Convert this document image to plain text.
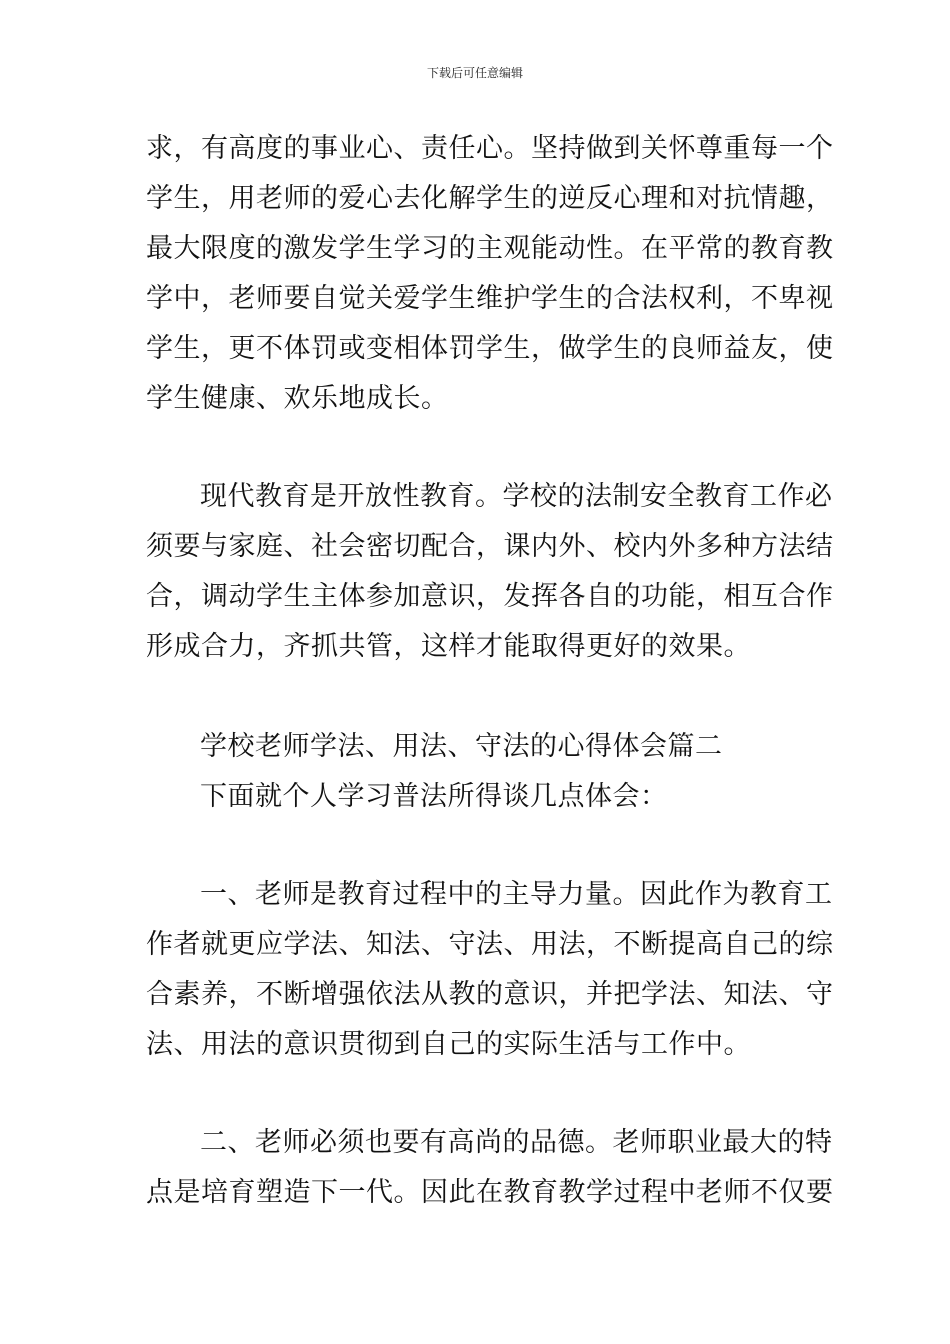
下载后可任意编辑
求，有高度的事业心、责任心。坚持做到关怀尊重每一个
学生，用老师的爱心去化解学生的逆反心理和对抗情趣，
最大限度的激发学生学习的主观能动性。在平常的教育教
学中，老师要自觉关爱学生维护学生的合法权利，不卑视
学生，更不体罚或变相体罚学生，做学生的良师益友，使
学生健康、欢乐地成长。
现代教育是开放性教育。学校的法制安全教育工作必
须要与家庭、社会密切配合，课内外、校内外多种方法结
合，调动学生主体参加意识，发挥各自的功能，相互合作
形成合力，齐抓共管，这样才能取得更好的效果。
学校老师学法、用法、守法的心得体会篇二
下面就个人学习普法所得谈几点体会：
一、老师是教育过程中的主导力量。因此作为教育工
作者就更应学法、知法、守法、用法，不断提高自己的综
合素养，不断增强依法从教的意识，并把学法、知法、守
法、用法的意识贯彻到自己的实际生活与工作中。
二、老师必须也要有高尚的品德。老师职业最大的特
点是培育塑造下一代。因此在教育教学过程中老师不仅要
